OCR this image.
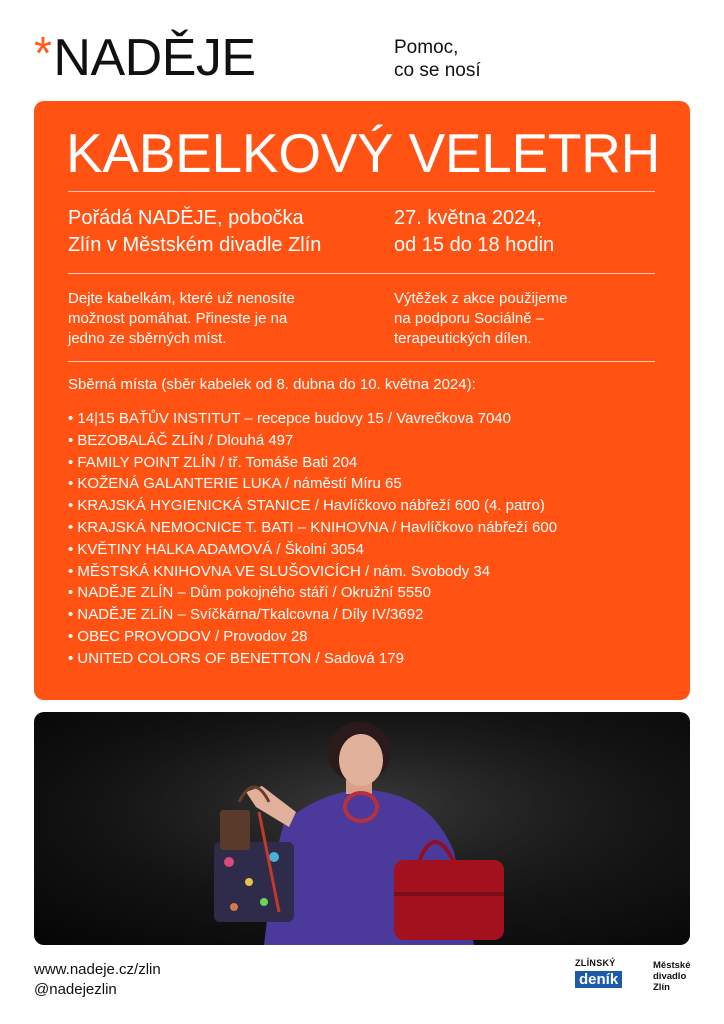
*NADĚJE	Pomoc,
co se nosí
KABELKOVÝ VELETRH
Pořádá NADĚJE, pobočka
Zlín v Městském divadle Zlín
27. května 2024,
od 15 do 18 hodin
Dejte kabelkám, které už nenosíte
možnost pomáhat. Přineste je na
jedno ze sběrných míst.
Výtěžek z akce použijeme
na podporu Sociálně –
terapeutických dílen.
Sběrná místa (sběr kabelek od 8. dubna do 10. května 2024):
• 14|15 BAŤŮV INSTITUT – recepce budovy 15 / Vavrečkova 7040
• BEZOBALÁČ ZLÍN / Dlouhá 497
• FAMILY POINT ZLÍN / tř. Tomáše Bati 204
• KOŽENÁ GALANTERIE LUKA / náměstí Míru 65
• KRAJSKÁ HYGIENICKÁ STANICE / Havlíčkovo nábřeží 600 (4. patro)
• KRAJSKÁ NEMOCNICE T. BATI – KNIHOVNA / Havlíčkovo nábřeží 600
• KVĚTINY HALKA ADAMOVÁ / Školní 3054
• MĚSTSKÁ KNIHOVNA VE SLUŠOVICÍCH / nám. Svobody 34
• NADĚJE ZLÍN – Dům pokojného stáří / Okružní 5550
• NADĚJE ZLÍN – Svíčkárna/Tkalcovna / Díly IV/3692
• OBEC PROVODOV / Provodov 28
• UNITED COLORS OF BENETTON / Sadová 179
www.nadeje.cz/zlin
@nadejezlin
ZLÍNSKÝ
deník
Městské
divadlo
Zlín
